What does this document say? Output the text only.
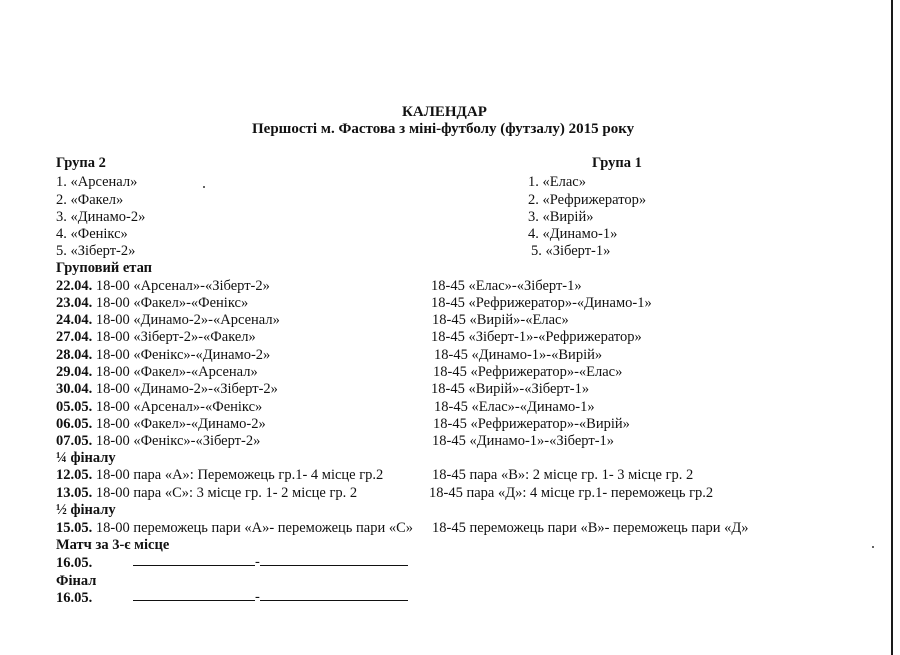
КАЛЕНДАР
Першості м. Фастова з міні-футболу (футзалу) 2015 року
Група 2
1. «Арсенал»
2. «Факел»
3. «Динамо-2»
4. «Фенікс»
5. «Зіберт-2»
Група 1
1. «Елас»
2. «Рефрижератор»
3. «Вирій»
4. «Динамо-1»
5. «Зіберт-1»
Груповий етап
22.04. 18-00 «Арсенал»-«Зіберт-2»	18-45 «Елас»-«Зіберт-1»
23.04. 18-00 «Факел»-«Фенікс»	18-45 «Рефрижератор»-«Динамо-1»
24.04. 18-00 «Динамо-2»-«Арсенал»	18-45 «Вирій»-«Елас»
27.04. 18-00 «Зіберт-2»-«Факел»	18-45 «Зіберт-1»-«Рефрижератор»
28.04. 18-00 «Фенікс»-«Динамо-2»	18-45 «Динамо-1»-«Вирій»
29.04. 18-00 «Факел»-«Арсенал»	18-45 «Рефрижератор»-«Елас»
30.04. 18-00 «Динамо-2»-«Зіберт-2»	18-45 «Вирій»-«Зіберт-1»
05.05. 18-00 «Арсенал»-«Фенікс»	18-45 «Елас»-«Динамо-1»
06.05. 18-00 «Факел»-«Динамо-2»	18-45 «Рефрижератор»-«Вирій»
07.05. 18-00 «Фенікс»-«Зіберт-2»	18-45 «Динамо-1»-«Зіберт-1»
¼ фіналу
12.05. 18-00 пара «А»: Переможець гр.1- 4 місце гр.2	18-45 пара «В»: 2 місце гр. 1- 3 місце гр. 2
13.05. 18-00 пара «С»: 3 місце гр. 1- 2 місце гр. 2	18-45 пара «Д»: 4 місце гр.1- переможець гр.2
½ фіналу
15.05. 18-00 переможець пари «А»- переможець пари «С» 18-45 переможець пари «В»- переможець пари «Д»
Матч за 3-є місце
16.05.	-
Фінал
16.05.	-
